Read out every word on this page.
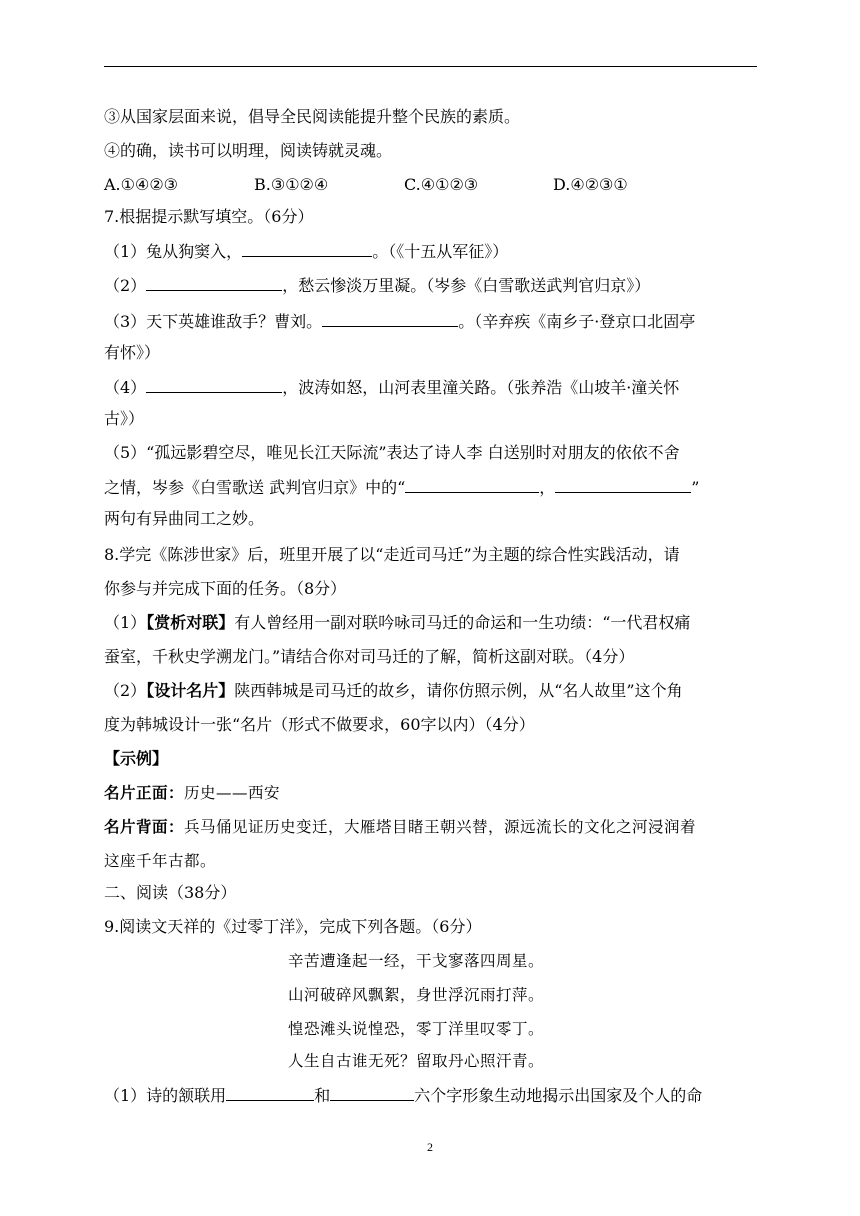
③从国家层面来说，倡导全民阅读能提升整个民族的素质。
④的确，读书可以明理，阅读铸就灵魂。
A.①④②③	B.③①②④	C.④①②③	D.④②③①
7.根据提示默写填空。（6分）
（1）兔从狗窦入，	。（《十五从军征》）
（2）	，愁云惨淡万里凝。（岑参《白雪歌送武判官归京》）
（3）天下英雄谁敌手？曹刘。	。（辛弃疾《南乡子·登京口北固亭
有怀》）
（4）	，波涛如怒，山河表里潼关路。（张养浩《山坡羊·潼关怀
古》）
（5）“孤远影碧空尽，唯见长江天际流”表达了诗人李 白送别时对朋友的依依不舍
之情，岑参《白雪歌送 武判官归京》中的“	，	”
两句有异曲同工之妙。
8.学完《陈涉世家》后，班里开展了以“走近司马迁”为主题的综合性实践活动，请
你参与并完成下面的任务。（8分）
（1）【赏析对联】有人曾经用一副对联吟咏司马迁的命运和一生功绩：“一代君权痛
蚕室，千秋史学溯龙门。”请结合你对司马迁的了解，简析这副对联。（4分）
（2）【设计名片】陕西韩城是司马迁的故乡，请你仿照示例，从“名人故里”这个角
度为韩城设计一张“名片（形式不做要求，60字以内）（4分）
【示例】
名片正面：历史——西安
名片背面：兵马俑见证历史变迁，大雁塔目睹王朝兴替，源远流长的文化之河浸润着
这座千年古都。
二、阅读（38分）
9.阅读文天祥的《过零丁洋》，完成下列各题。（6分）
辛苦遭逢起一经，干戈寥落四周星。
山河破碎风飘絮，身世浮沉雨打萍。
惶恐滩头说惶恐，零丁洋里叹零丁。
人生自古谁无死？留取丹心照汗青。
（1）诗的颔联用	和	六个字形象生动地揭示出国家及个人的命
2
